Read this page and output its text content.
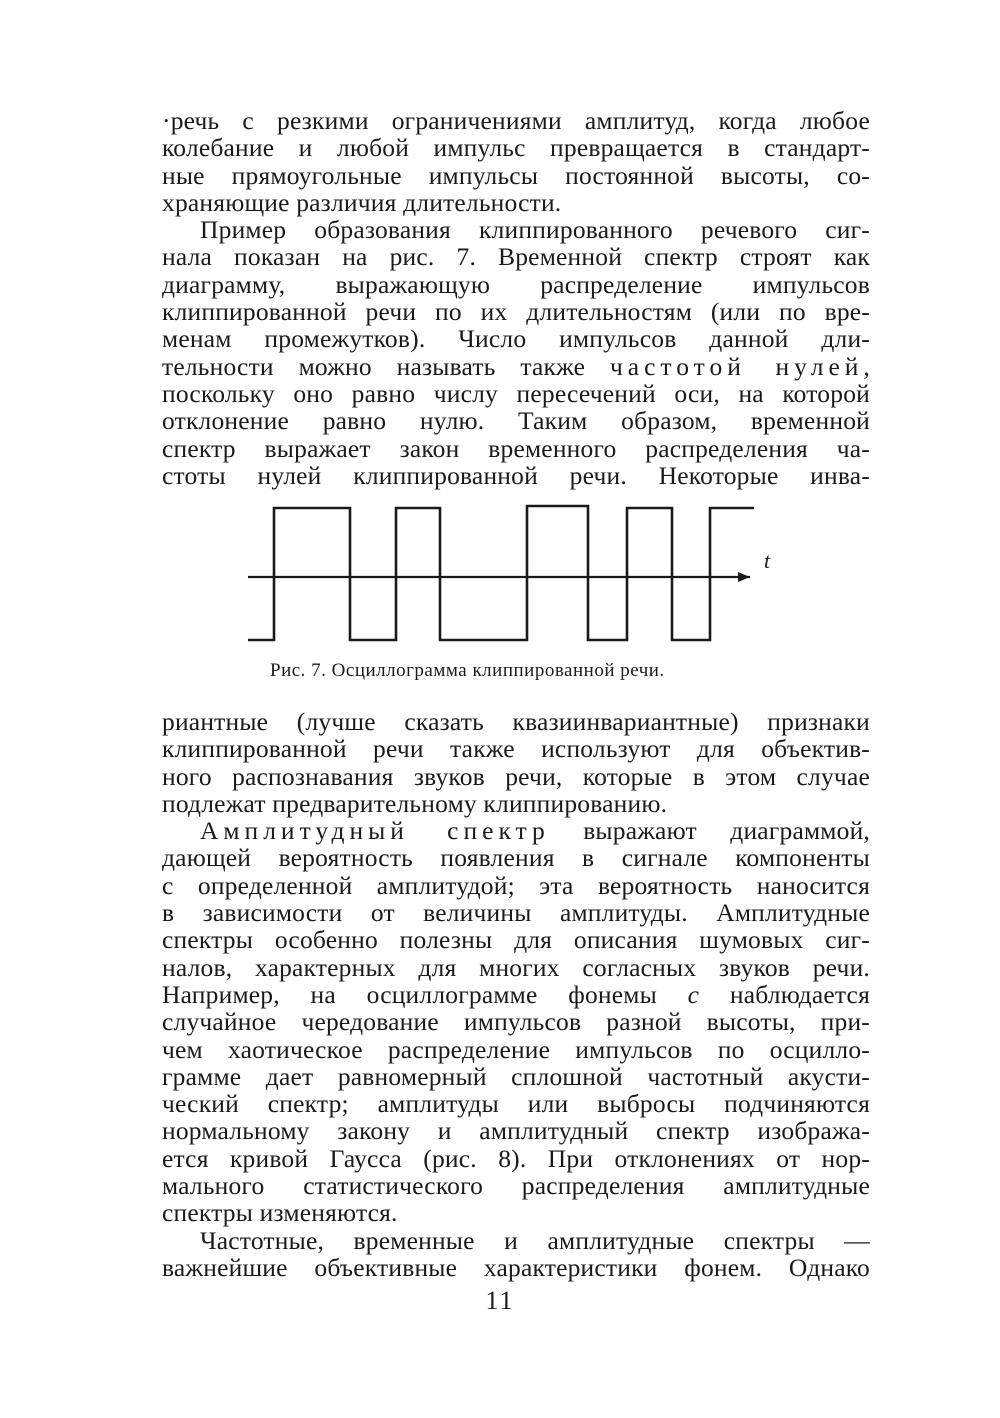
·речь с резкими ограничениями амплитуд, когда любое
колебание и любой импульс превращается в стандарт-
ные прямоугольные импульсы постоянной высоты, со-
храняющие различия длительности.
Пример образования клиппированного речевого сиг-
нала показан на рис. 7. Временной спектр строят как
диаграмму, выражающую распределение импульсов
клиппированной речи по их длительностям (или по вре-
менам промежутков). Число импульсов данной дли-
тельности можно называть также частотой нулей,
поскольку оно равно числу пересечений оси, на которой
отклонение равно нулю. Таким образом, временной
спектр выражает закон временного распределения ча-
стоты нулей клиппированной речи. Некоторые инва-
t
Рис. 7. Осциллограмма клиппированной речи.
риантные (лучше сказать квазиинвариантные) признаки
клиппированной речи также используют для объектив-
ного распознавания звуков речи, которые в этом случае
подлежат предварительному клиппированию.
Амплитудный спектр выражают диаграммой,
дающей вероятность появления в сигнале компоненты
с определенной амплитудой; эта вероятность наносится
в зависимости от величины амплитуды. Амплитудные
спектры особенно полезны для описания шумовых сиг-
налов, характерных для многих согласных звуков речи.
Например, на осциллограмме фонемы с наблюдается
случайное чередование импульсов разной высоты, при-
чем хаотическое распределение импульсов по осцилло-
грамме дает равномерный сплошной частотный акусти-
ческий спектр; амплитуды или выбросы подчиняются
нормальному закону и амплитудный спектр изобража-
ется кривой Гаусса (рис. 8). При отклонениях от нор-
мального статистического распределения амплитудные
спектры изменяются.
Частотные, временные и амплитудные спектры —
важнейшие объективные характеристики фонем. Однако
11
